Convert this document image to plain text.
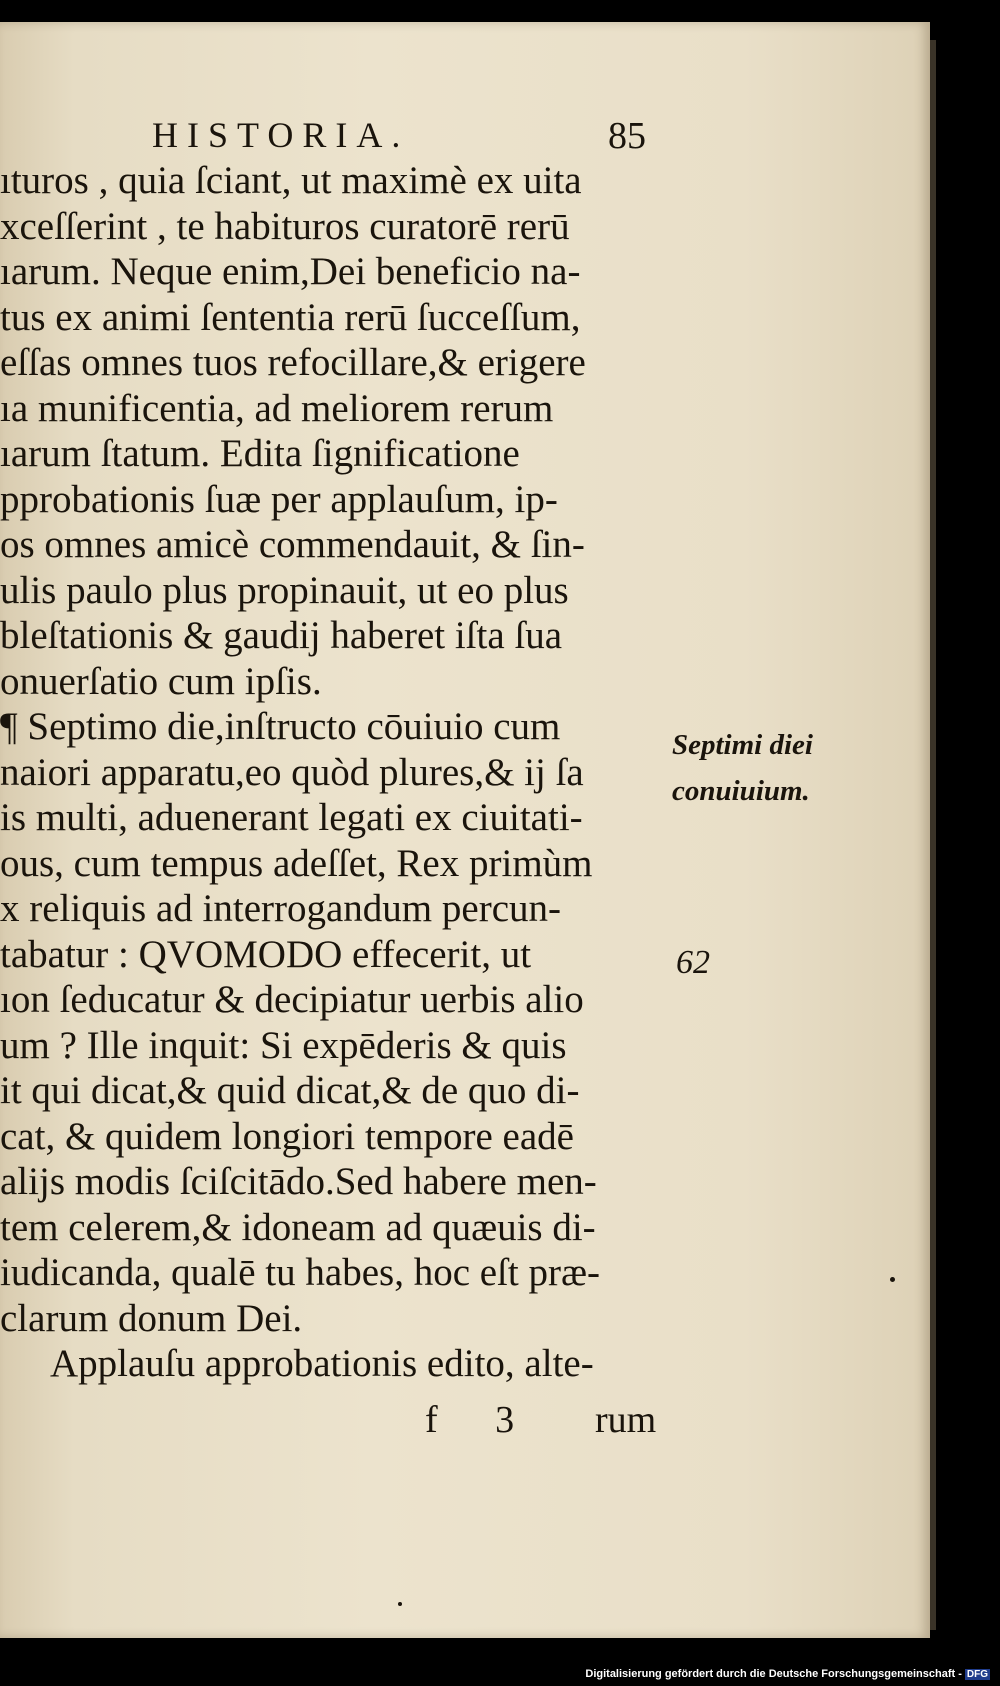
HISTORIA.	85
ıturos , quia ſciant, ut maximè ex uita
xceſſerint , te habituros curatorē rerū
ıarum. Neque enim,Dei beneficio na-
tus ex animi ſententia rerū ſucceſſum,
eſſas omnes tuos refocillare,& erigere
ıa munificentia, ad meliorem rerum
ıarum ſtatum. Edita ſignificatione
pprobationis ſuæ per applauſum, ip-
os omnes amicè commendauit, & ſin-
ulis paulo plus propinauit, ut eo plus
bleſtationis & gaudij haberet iſta ſua
onuerſatio cum ipſis.
¶ Septimo die,inſtructo cōuiuio cum
naiori apparatu,eo quòd plures,& ij ſa
is multi, aduenerant legati ex ciuitati-
ous, cum tempus adeſſet, Rex primùm
x reliquis ad interrogandum percun-
tabatur : QVOMODO effecerit, ut
ıon ſeducatur & decipiatur uerbis alio
um ? Ille inquit: Si expēderis & quis
it qui dicat,& quid dicat,& de quo di-
cat, & quidem longiori tempore eadē
alijs modis ſciſcitādo.Sed habere men-
tem celerem,& idoneam ad quæuis di-
iudicanda, qualē tu habes, hoc eſt præ-
clarum donum Dei.
Applauſu approbationis edito, alte-
Septimi diei
conuiuium.
62
f 3 rum
Digitalisierung gefördert durch die Deutsche Forschungsgemeinschaft - DFG
